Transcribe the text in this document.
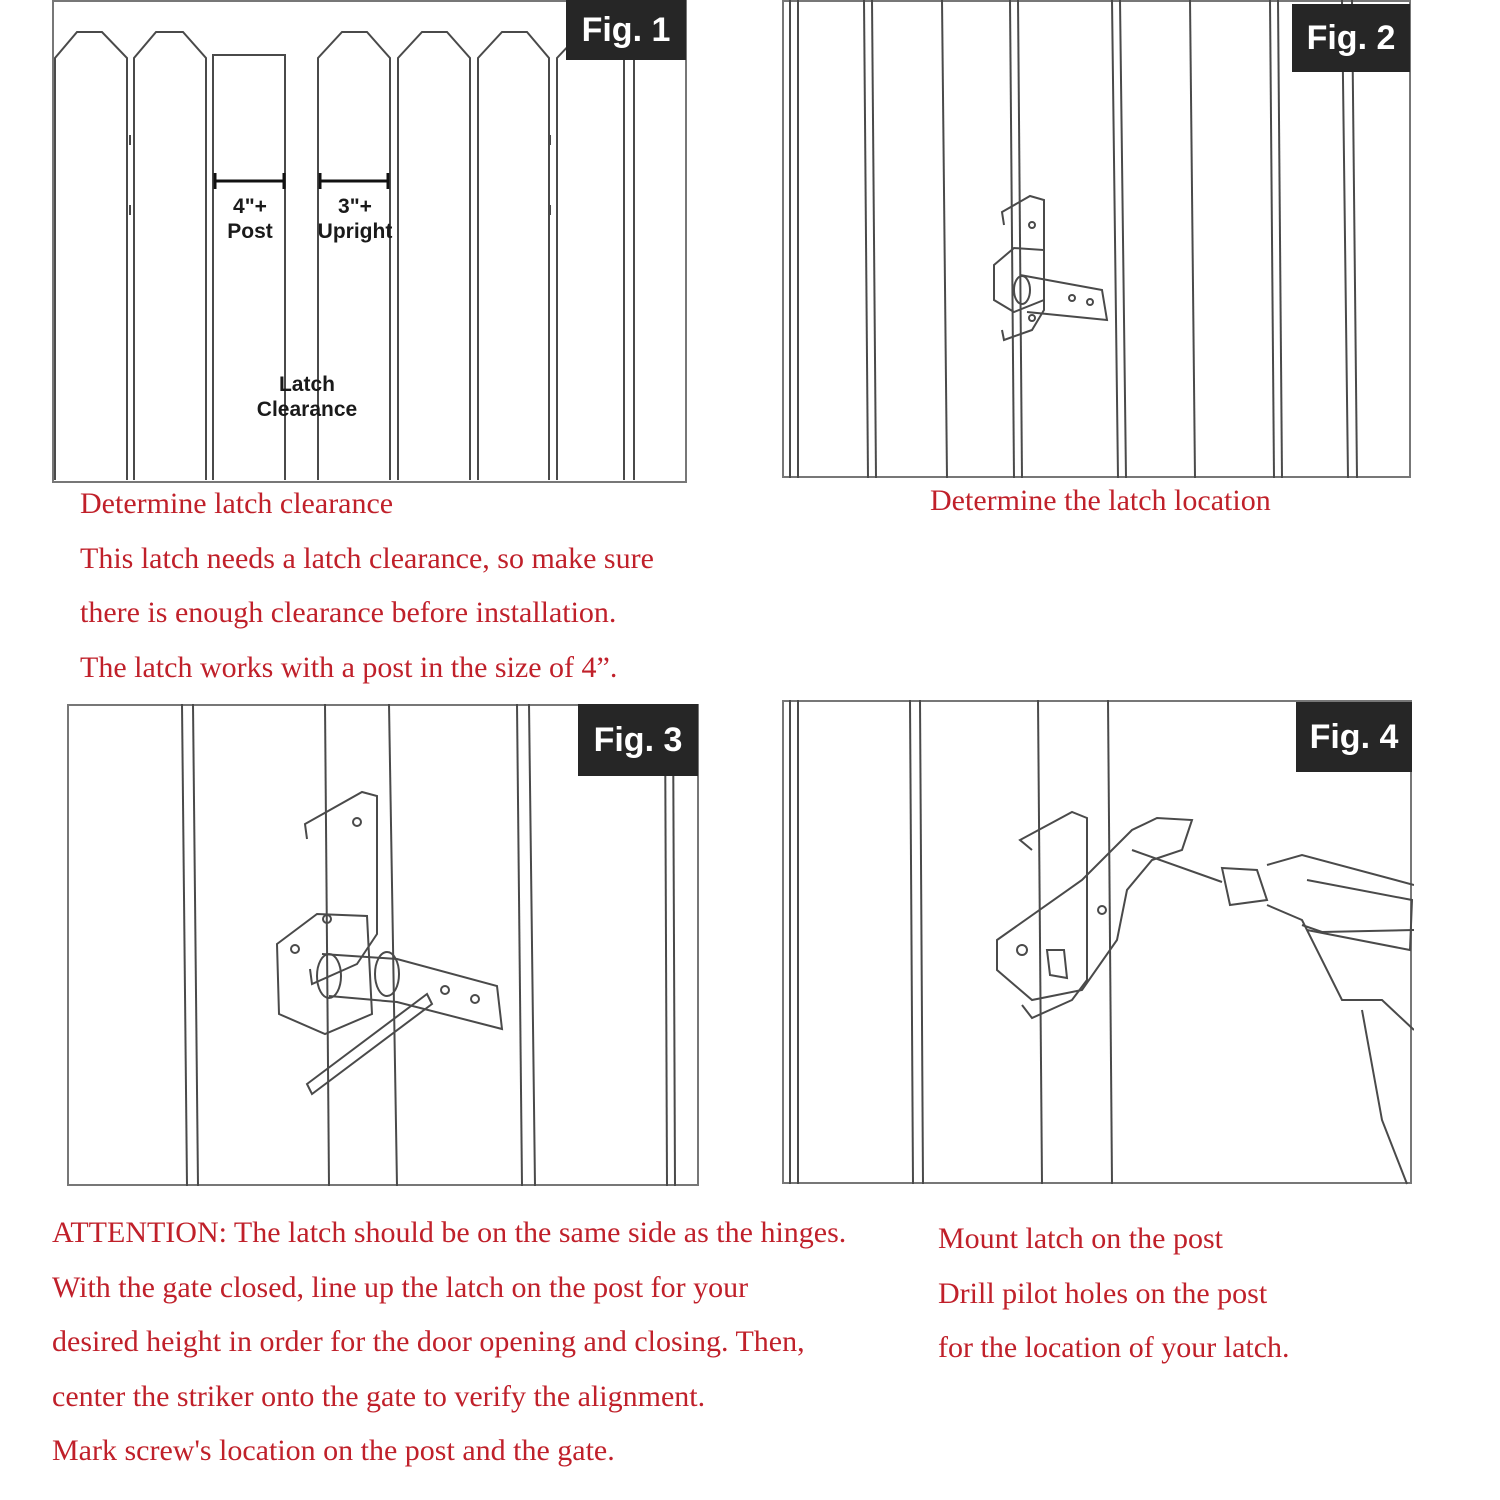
Fig. 1
4"+
Post
3"+
Upright
Latch
Clearance
Determine latch clearance
This latch needs a latch clearance, so make sure
there is enough clearance before installation.
The latch works with a post in the size of 4”.
Fig. 2
Determine the latch location
Fig. 3
ATTENTION: The latch should be on the same side as the hinges.
With the gate closed, line up the latch on the post for your
desired height in order for the door opening and closing. Then,
center the striker onto the gate to verify the alignment.
Mark screw's location on the post and the gate.
Fig. 4
Mount latch on the post
Drill pilot holes on the post
for the location of your latch.
